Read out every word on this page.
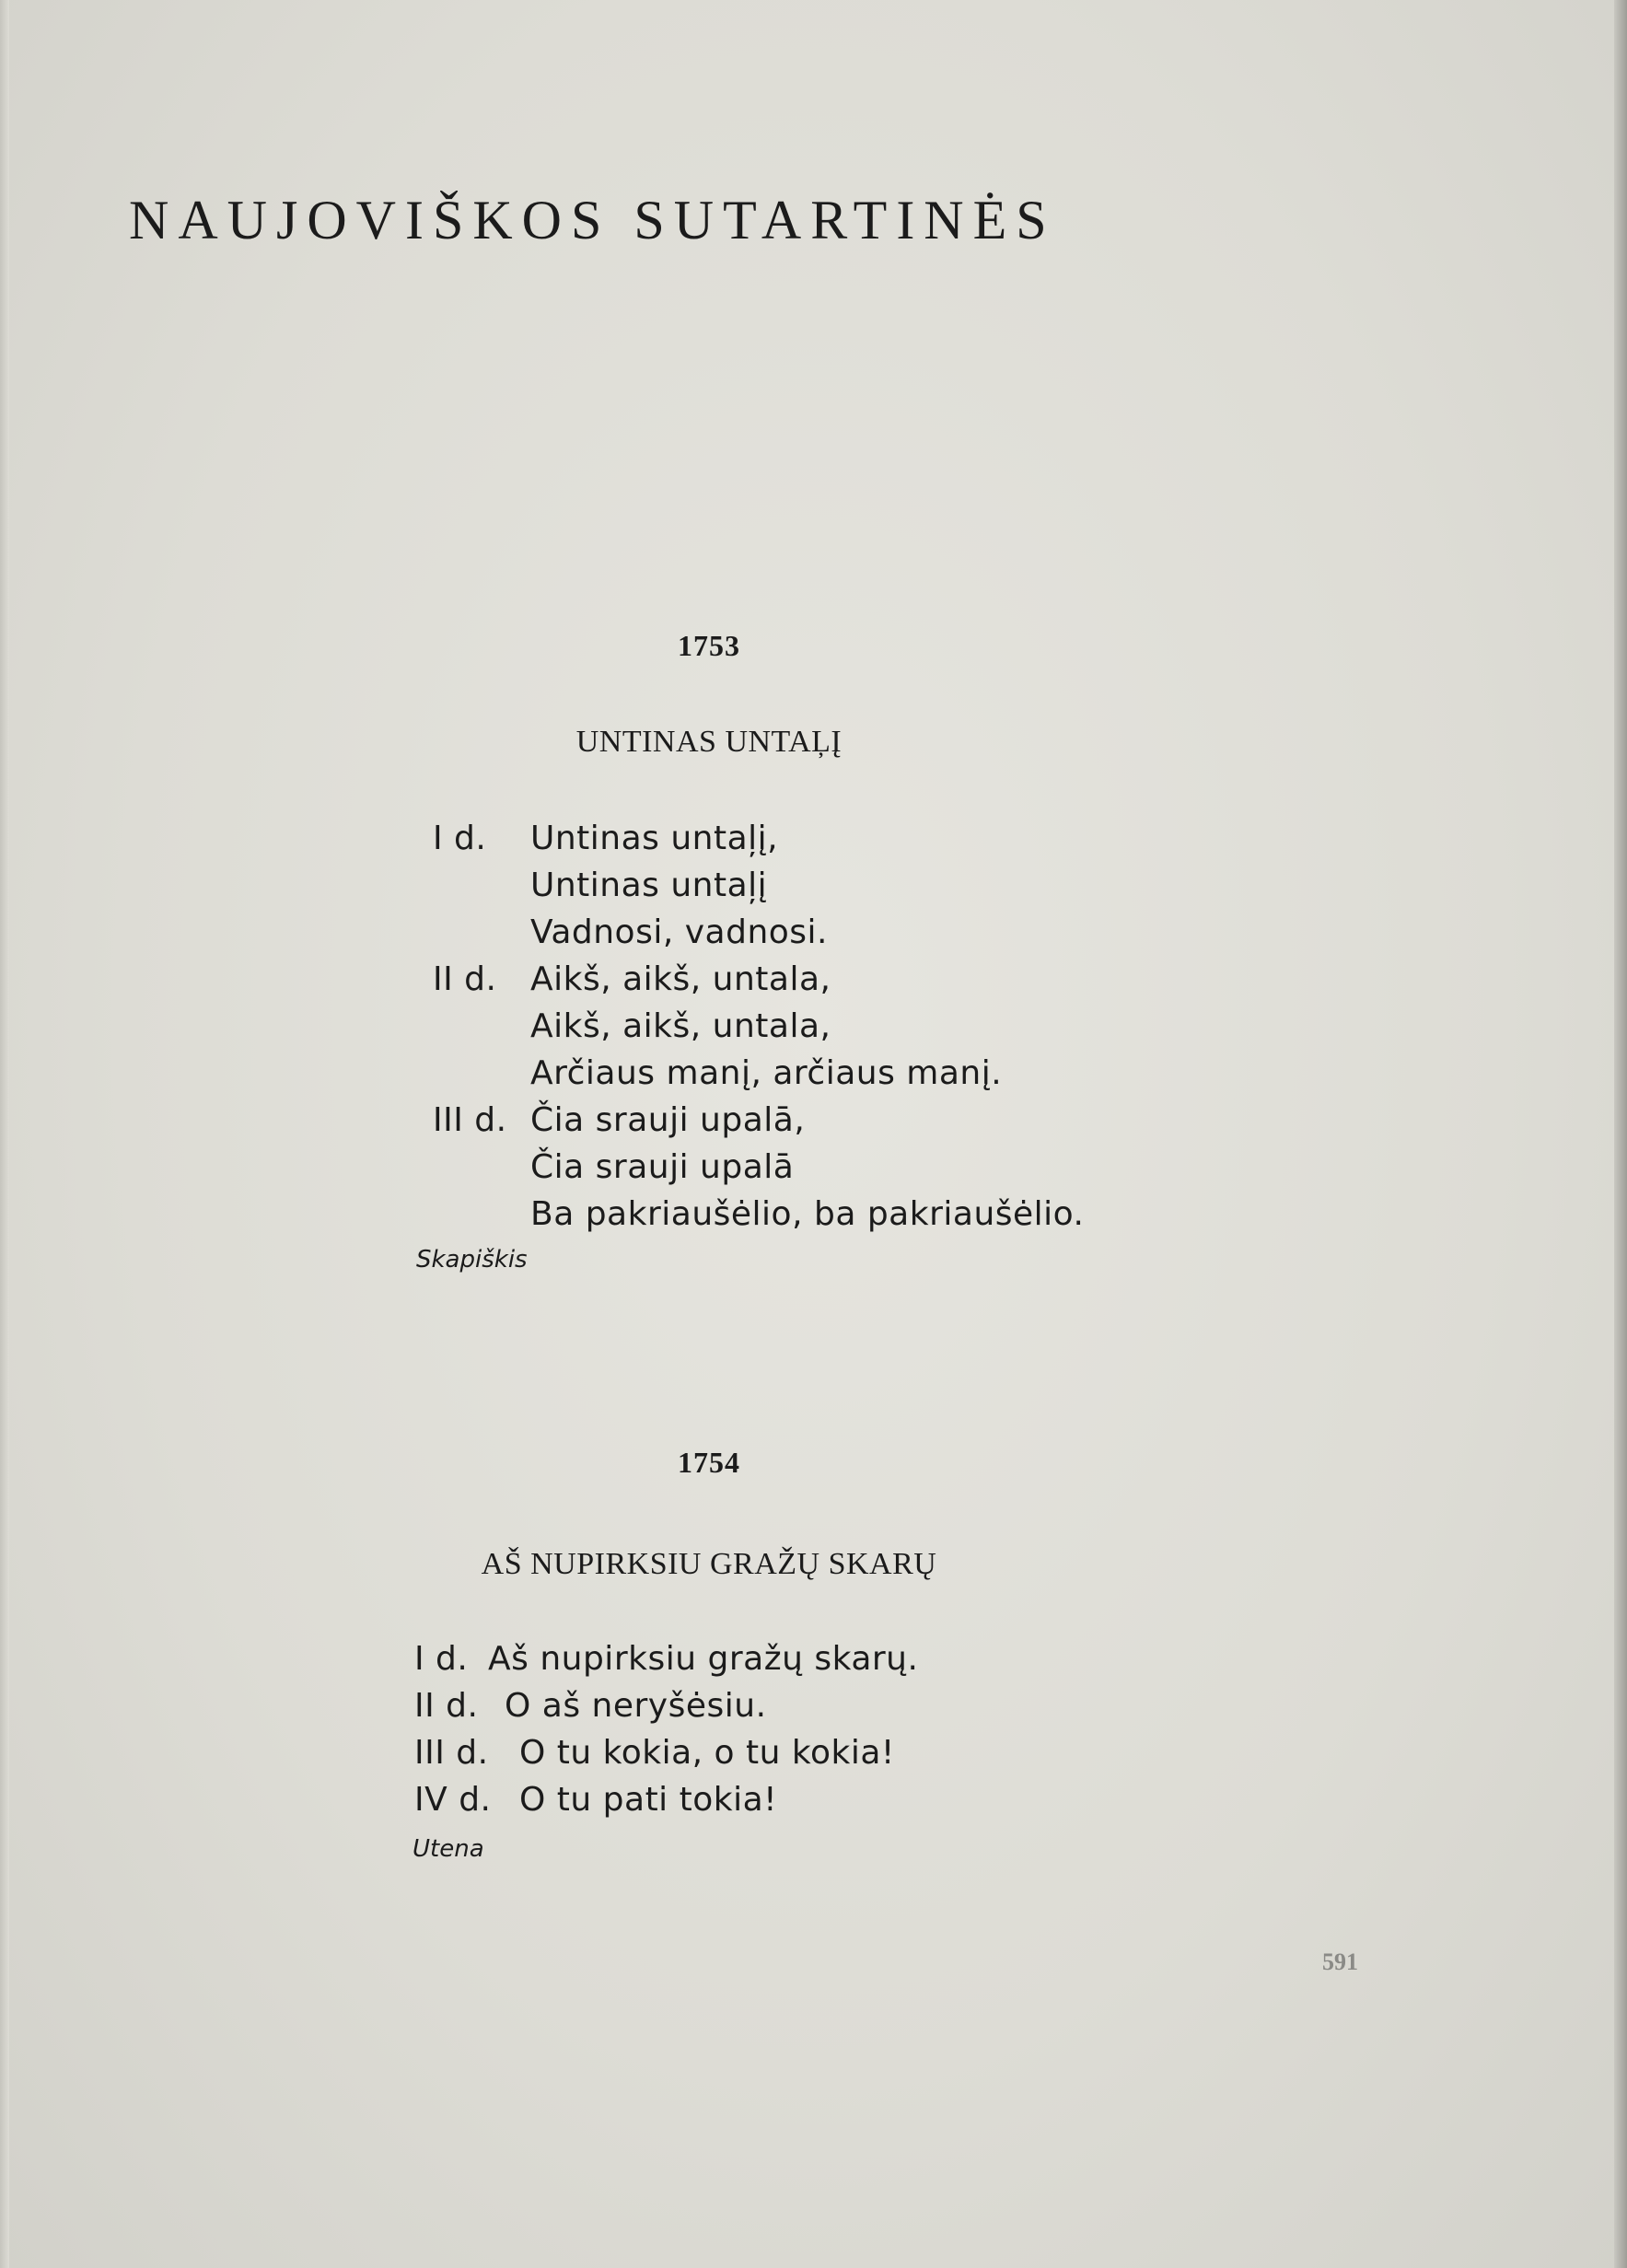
NAUJOVIŠKOS SUTARTINĖS
1753
UNTINAS UNTAĻĮ
I d. Untinas untaļį,
Untinas untaļį
Vadnosi, vadnosi.
II d. Aikš, aikš, untala,
Aikš, aikš, untala,
Arčiaus manį, arčiaus manį.
III d. Čia srauji upalā,
Čia srauji upalā
Ba pakriaušėlio, ba pakriaušėlio.
Skapiškis
1754
AŠ NUPIRKSIU GRAŽŲ SKARŲ
I d. Aš nupirksiu gražų skarų.
II d. O aš neryšėsiu.
III d. O tu kokia, o tu kokia!
IV d. O tu pati tokia!
Utena
591
